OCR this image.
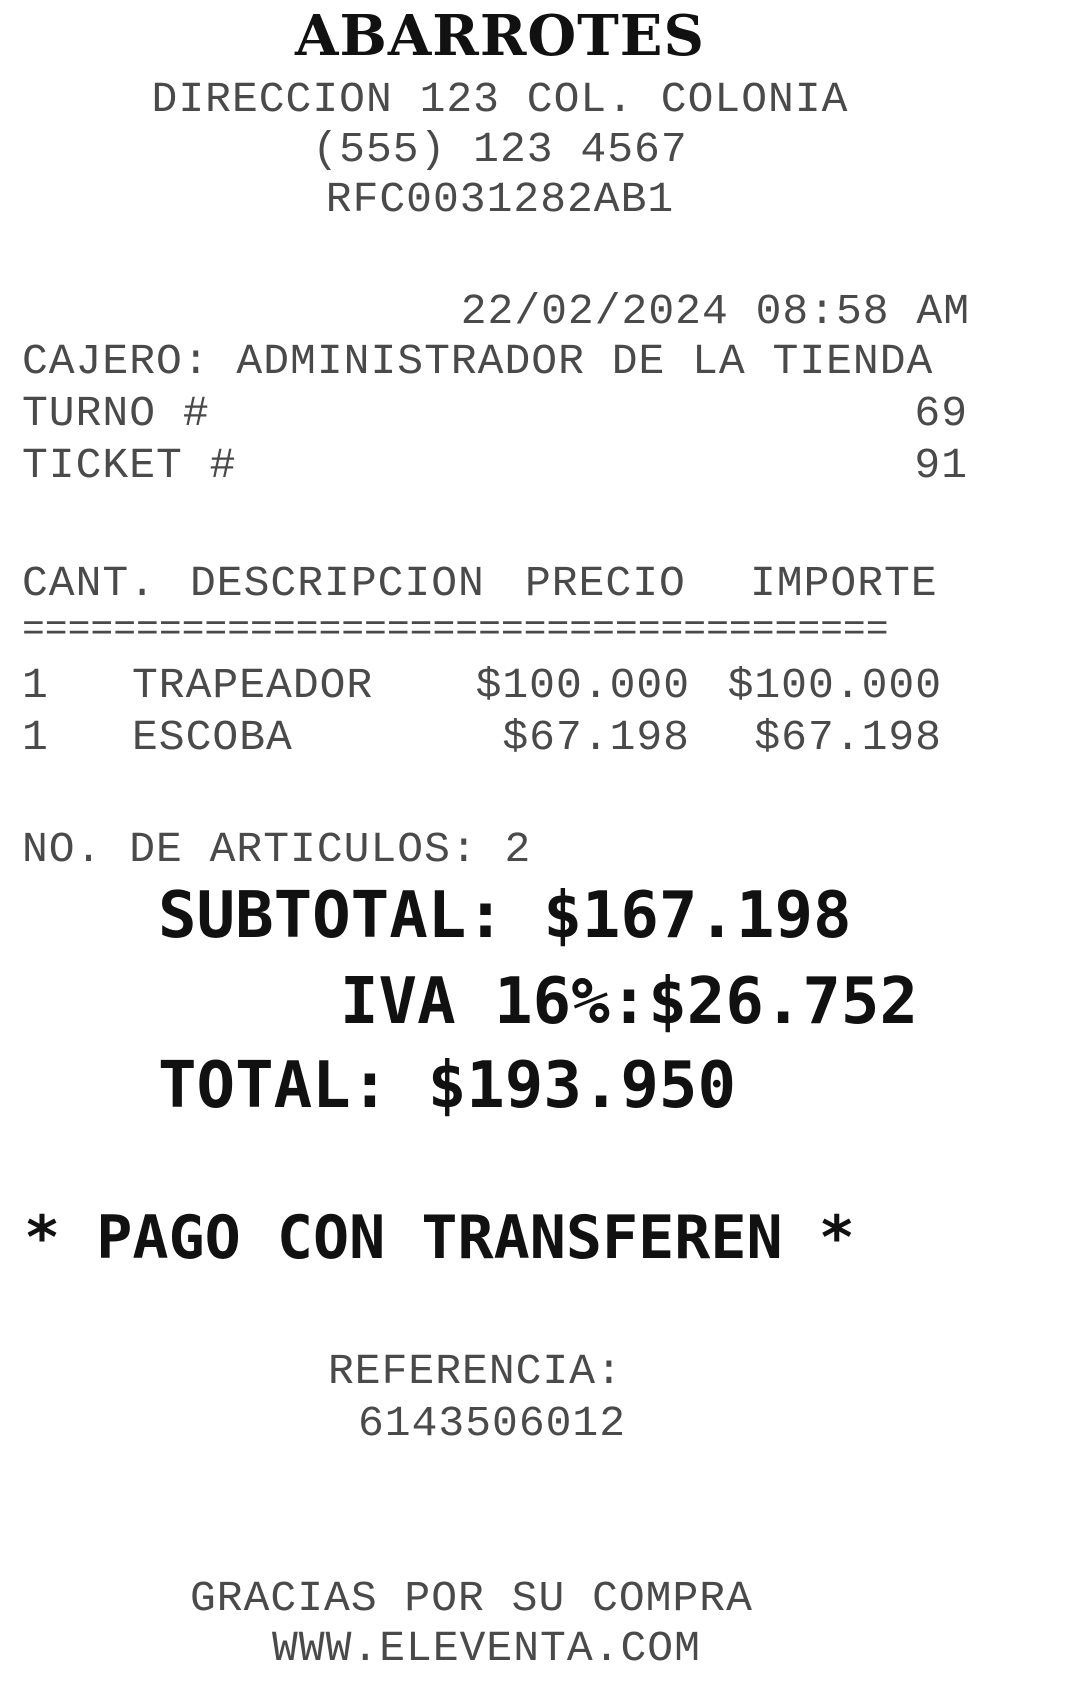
ABARROTES
DIRECCION 123 COL. COLONIA
(555) 123 4567
RFC0031282AB1
22/02/2024 08:58 AM
CAJERO: ADMINISTRADOR DE LA TIENDA
TURNO #	69
TICKET #	91
CANT. DESCRIPCION PRECIO IMPORTE
======================================
1 TRAPEADOR	$100.000 $100.000
1 ESCOBA	$67.198	$67.198
NO. DE ARTICULOS: 2
SUBTOTAL: $167.198
IVA 16%:$26.752
TOTAL: $193.950
* PAGO CON TRANSFEREN *
REFERENCIA:
6143506012
GRACIAS POR SU COMPRA
WWW.ELEVENTA.COM
